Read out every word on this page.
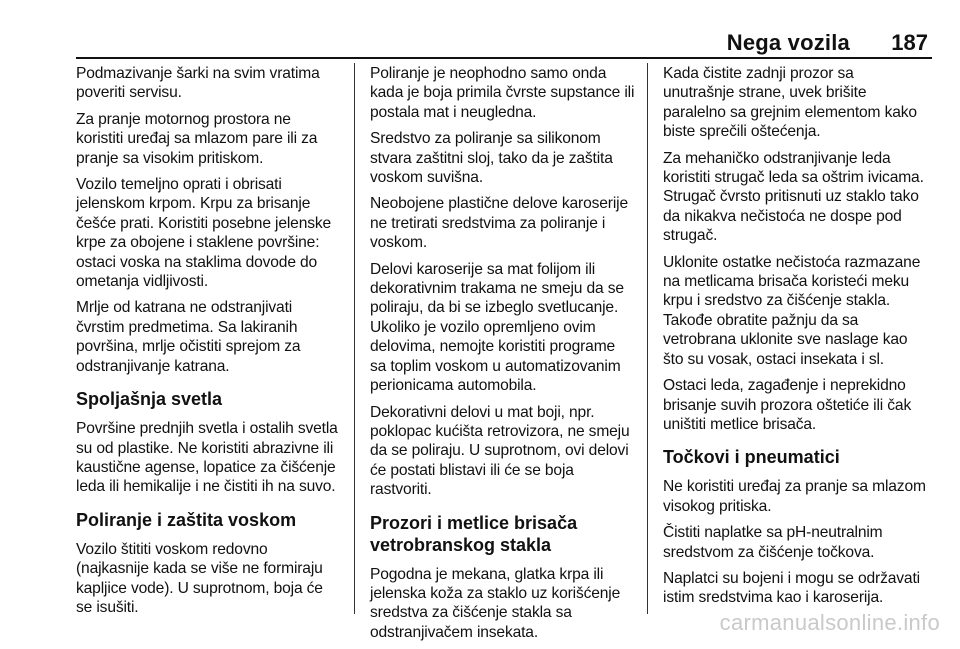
Nega vozila 187

Podmazivanje šarki na svim vratima poveriti servisu.

Za pranje motornog prostora ne koristiti uređaj sa mlazom pare ili za pranje sa visokim pritiskom.

Vozilo temeljno oprati i obrisati jelenskom krpom. Krpu za brisanje češće prati. Koristiti posebne jelenske krpe za obojene i staklene površine: ostaci voska na staklima dovode do ometanja vidljivosti.

Mrlje od katrana ne odstranjivati čvrstim predmetima. Sa lakiranih površina, mrlje očistiti sprejom za odstranjivanje katrana.

Spoljašnja svetla

Površine prednjih svetla i ostalih svetla su od plastike. Ne koristiti abrazivne ili kaustične agense, lopatice za čišćenje leda ili hemikalije i ne čistiti ih na suvo.

Poliranje i zaštita voskom

Vozilo štititi voskom redovno (najkasnije kada se više ne formiraju kapljice vode). U suprotnom, boja će se isušiti.

Poliranje je neophodno samo onda kada je boja primila čvrste supstance ili postala mat i neugledna.

Sredstvo za poliranje sa silikonom stvara zaštitni sloj, tako da je zaštita voskom suvišna.

Neobojene plastične delove karoserije ne tretirati sredstvima za poliranje i voskom.

Delovi karoserije sa mat folijom ili dekorativnim trakama ne smeju da se poliraju, da bi se izbeglo svetlucanje. Ukoliko je vozilo opremljeno ovim delovima, nemojte koristiti programe sa toplim voskom u automatizovanim perionicama automobila.

Dekorativni delovi u mat boji, npr. poklopac kućišta retrovizora, ne smeju da se poliraju. U suprotnom, ovi delovi će postati blistavi ili će se boja rastvoriti.

Prozori i metlice brisača vetrobranskog stakla

Pogodna je mekana, glatka krpa ili jelenska koža za staklo uz korišćenje sredstva za čišćenje stakla sa odstranjivačem insekata.

Kada čistite zadnji prozor sa unutrašnje strane, uvek brišite paralelno sa grejnim elementom kako biste sprečili oštećenja.

Za mehaničko odstranjivanje leda koristiti strugač leda sa oštrim ivicama. Strugač čvrsto pritisnuti uz staklo tako da nikakva nečistoća ne dospe pod strugač.

Uklonite ostatke nečistoća razmazane na metlicama brisača koristeći meku krpu i sredstvo za čišćenje stakla. Takođe obratite pažnju da sa vetrobrana uklonite sve naslage kao što su vosak, ostaci insekata i sl.

Ostaci leda, zagađenje i neprekidno brisanje suvih prozora oštetiće ili čak uništiti metlice brisača.

Točkovi i pneumatici

Ne koristiti uređaj za pranje sa mlazom visokog pritiska.

Čistiti naplatke sa pH-neutralnim sredstvom za čišćenje točkova.

Naplatci su bojeni i mogu se održavati istim sredstvima kao i karoserija.

carmanualsonline.info
